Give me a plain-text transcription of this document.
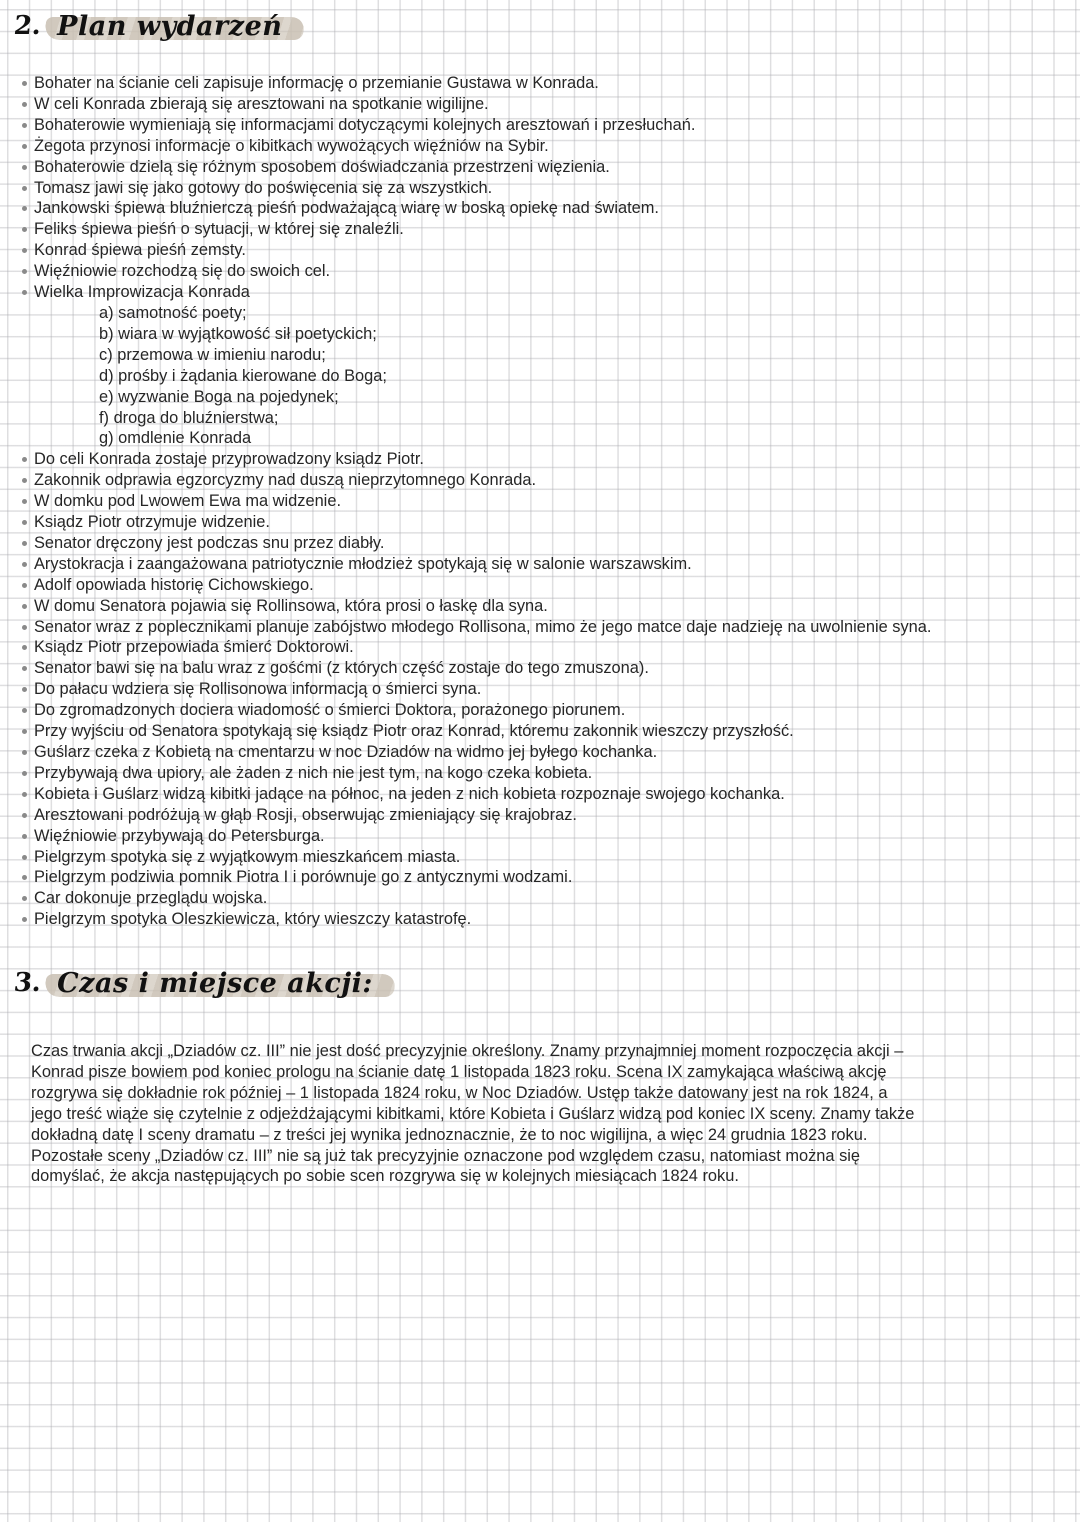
2. Plan wydarzeń
Bohater na ścianie celi zapisuje informację o przemianie Gustawa w Konrada.
W celi Konrada zbierają się aresztowani na spotkanie wigilijne.
Bohaterowie wymieniają się informacjami dotyczącymi kolejnych aresztowań i przesłuchań.
Żegota przynosi informacje o kibitkach wywożących więźniów na Sybir.
Bohaterowie dzielą się różnym sposobem doświadczania przestrzeni więzienia.
Tomasz jawi się jako gotowy do poświęcenia się za wszystkich.
Jankowski śpiewa bluźnierczą pieśń podważającą wiarę w boską opiekę nad światem.
Feliks śpiewa pieśń o sytuacji, w której się znaleźli.
Konrad śpiewa pieśń zemsty.
Więźniowie rozchodzą się do swoich cel.
Wielka Improwizacja Konrada
a) samotność poety;
b) wiara w wyjątkowość sił poetyckich;
c) przemowa w imieniu narodu;
d) prośby i żądania kierowane do Boga;
e) wyzwanie Boga na pojedynek;
f) droga do bluźnierstwa;
g) omdlenie Konrada
Do celi Konrada zostaje przyprowadzony ksiądz Piotr.
Zakonnik odprawia egzorcyzmy nad duszą nieprzytomnego Konrada.
W domku pod Lwowem Ewa ma widzenie.
Ksiądz Piotr otrzymuje widzenie.
Senator dręczony jest podczas snu przez diabły.
Arystokracja i zaangażowana patriotycznie młodzież spotykają się w salonie warszawskim.
Adolf opowiada historię Cichowskiego.
W domu Senatora pojawia się Rollinsowa, która prosi o łaskę dla syna.
Senator wraz z poplecznikami planuje zabójstwo młodego Rollisona, mimo że jego matce daje nadzieję na uwolnienie syna.
Ksiądz Piotr przepowiada śmierć Doktorowi.
Senator bawi się na balu wraz z gośćmi (z których część zostaje do tego zmuszona).
Do pałacu wdziera się Rollisonowa informacją o śmierci syna.
Do zgromadzonych dociera wiadomość o śmierci Doktora, porażonego piorunem.
Przy wyjściu od Senatora spotykają się ksiądz Piotr oraz Konrad, któremu zakonnik wieszczy przyszłość.
Guślarz czeka z Kobietą na cmentarzu w noc Dziadów na widmo jej byłego kochanka.
Przybywają dwa upiory, ale żaden z nich nie jest tym, na kogo czeka kobieta.
Kobieta i Guślarz widzą kibitki jadące na północ, na jeden z nich kobieta rozpoznaje swojego kochanka.
Aresztowani podróżują w głąb Rosji, obserwując zmieniający się krajobraz.
Więźniowie przybywają do Petersburga.
Pielgrzym spotyka się z wyjątkowym mieszkańcem miasta.
Pielgrzym podziwia pomnik Piotra I i porównuje go z antycznymi wodzami.
Car dokonuje przeglądu wojska.
Pielgrzym spotyka Oleszkiewicza, który wieszczy katastrofę.
3. Czas i miejsce akcji:

Czas trwania akcji „Dziadów cz. III” nie jest dość precyzyjnie określony. Znamy przynajmniej moment rozpoczęcia akcji –
Konrad pisze bowiem pod koniec prologu na ścianie datę 1 listopada 1823 roku. Scena IX zamykająca właściwą akcję
rozgrywa się dokładnie rok później – 1 listopada 1824 roku, w Noc Dziadów. Ustęp także datowany jest na rok 1824, a
jego treść wiąże się czytelnie z odjeżdżającymi kibitkami, które Kobieta i Guślarz widzą pod koniec IX sceny. Znamy także
dokładną datę I sceny dramatu – z treści jej wynika jednoznacznie, że to noc wigilijna, a więc 24 grudnia 1823 roku.
Pozostałe sceny „Dziadów cz. III” nie są już tak precyzyjnie oznaczone pod względem czasu, natomiast można się
domyślać, że akcja następujących po sobie scen rozgrywa się w kolejnych miesiącach 1824 roku.
